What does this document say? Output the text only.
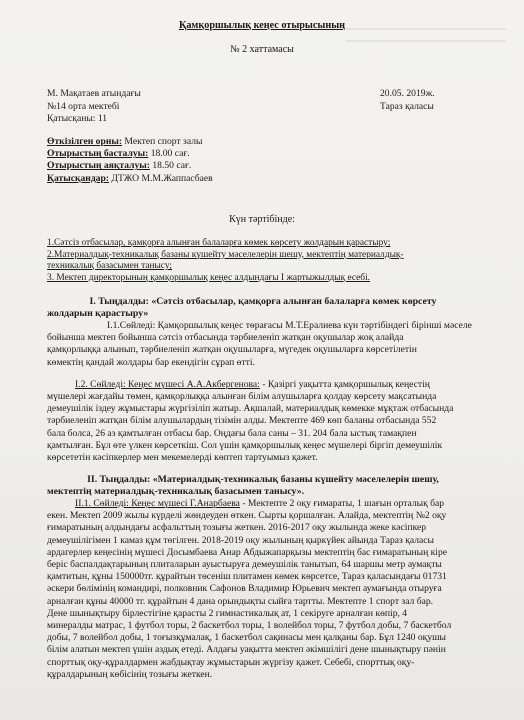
Қамқоршылық кеңес отырысының
№ 2 хаттамасы
М. Мақатаев атындағы
№14 орта мектебі
Қатысқаны: 11
20.05. 2019ж.
Тараз қаласы
Өткізілген орны: Мектеп спорт залы
Отырыстың басталуы: 18.00 сағ.
Отырыстың аяқталуы: 18.50 сағ.
Қатысқандар: ДТЖО М.М.Жаппасбаев
Күн тәртібінде:
1.Сәтсіз отбасылар, қамқорға алынған балаларға көмек көрсету жолдарын қарастыру;
2.Материалдық-техникалық базаны күшейту мәселелерін шешу, мектептің материалдық-
техникалық базасымен танысу;
3. Мектеп директорының қамқоршылық кеңес алдындағы І жартыжылдық есебі.
І. Тыңдалды: «Сәтсіз отбасылар, қамқорға алынған балаларға көмек көрсету
жолдарын қарастыру»
І.1.Сөйледі: Қамқоршылық кеңес төрағасы М.Т.Ералиева күн тәртібіндегі бірінші мәселе
бойынша мектеп бойынша сәтсіз отбасында тәрбиеленіп жатқан оқушылар жоқ алайда
қамқорлыққа алынып, тәрбиеленіп жатқан оқушыларға, мүгедек оқушыларға көрсетілетін
көмектің қандай жолдары бар екендігін сұрап өтті.
І.2. Сөйледі: Кеңес мүшесі А.А.Акбергенова: - Қазіргі уақытта қамқоршылық кеңестің
мүшелері жағдайы төмен, қамқорлыққа алынған білім алушыларға қолдау көрсету мақсатында
демеушілік іздеу жұмыстары жүргізіліп жатыр. Ақшалай, материалдық көмекке мұқтаж отбасында
тәрбиеленіп жатқан білім алушылардың тізімін алды. Мектепте 469 көп баланы отбасында 552
бала болса, 26 аз қамтылған отбасы бар. Оңдағы бала саны – 31. 204 бала ыстық тамақпен
қамтылған. Бұл өте үлкен көрсеткіш. Сол үшін қамқоршылық кеңес мүшелері біргіп демеушілік
көрсететін кәсіпкерлер мен мекемелерді көптеп тартуымыз қажет.
ІІ. Тыңдалды: «Материалдық-техникалық базаны күшейту мәселелерін шешу,
мектептің материалдық-техникалық базасымен танысу».
ІІ.1. Сөйледі: Кеңес мүшесі Г.Анарбаева - Мектепте 2 оқу ғимараты, 1 шағын орталық бар
екен. Мектеп 2009 жылы күрделі жөндеуден өткен. Сырты қоршалған. Алайда, мектептің №2 оқу
ғимаратының алдындағы асфальттың тозығы жеткен. 2016-2017 оқу жылында жеке кәсіпкер
демеушілігімен 1 камаз құм төгілген. 2018-2019 оқу жылының қыркүйек айында Тараз қаласы
ардагерлер кеңесінің мүшесі Досымбаева Анар Абдыжапарқызы мектептің бас ғимаратының кіре
беріс баспалдақтарының плиталарын ауыстыруға демеушілік танытып, 64 шаршы метр аумақты
қамтитын, құны 150000тг. құрайтын төсеніш плитамен көмек көрсетсе, Тараз қаласындағы 01731
әскери бөлімінің командирі, полковник Сафонов Владимир Юрьевич мектеп аумағында отыруға
арналған құны 40000 тг. құрайтын 4 дана орындықты сыйға тартты. Мектепте 1 спорт зал бар.
Дене шынықтыру бірлестігіне қарасты 2 гимнастикалық ат, 1 секіруге арналған көпір, 4
минералды матрас, 1 футбол торы, 2 баскетбол торы, 1 волейбол торы, 7 футбол добы, 7 баскетбол
добы, 7 волейбол добы, 1 тоғызқұмалақ, 1 баскетбол сақинасы мен қалқаны бар. Бұл 1240 оқушы
білім алатын мектеп үшін аздық етеді. Алдағы уақытта мектеп әкімшілігі дене шынықтыру пәнін
спорттық оқу-құралдармен жабдықтау жұмыстарын жүргізу қажет. Себебі, спорттық оқу-
құралдарының көбісінің тозығы жеткен.
